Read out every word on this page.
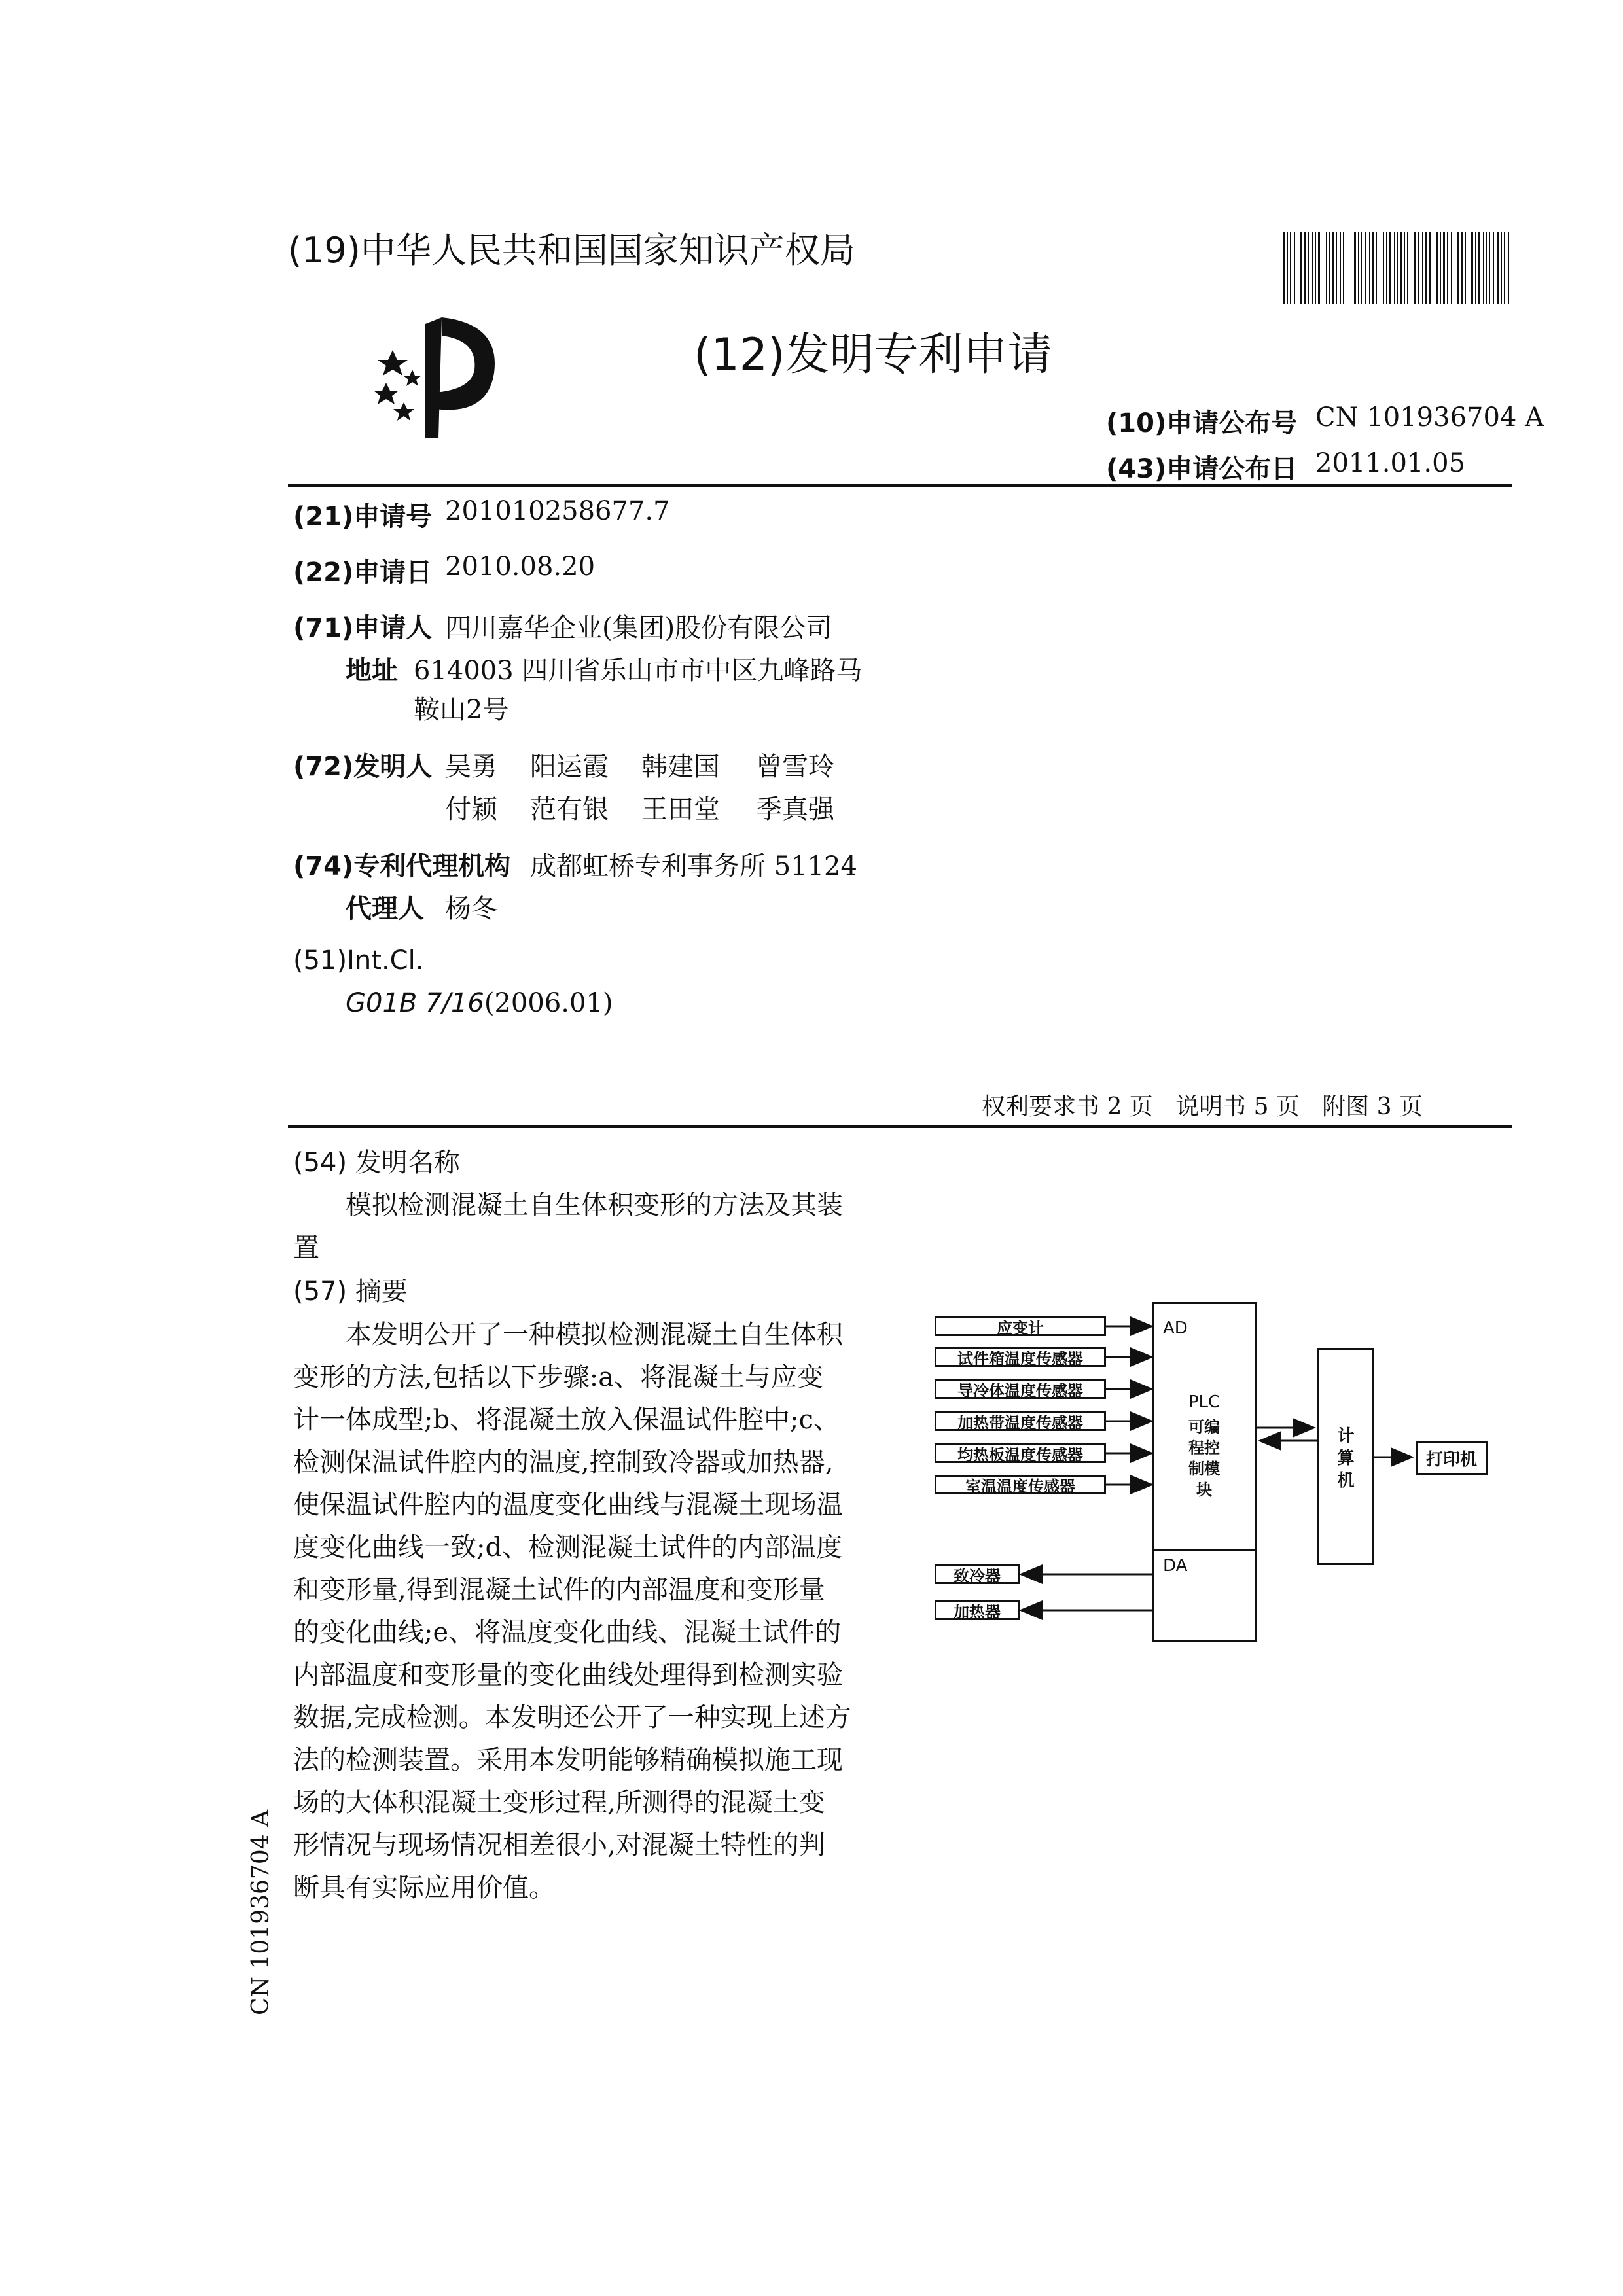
(19)中华人民共和国国家知识产权局
(12)发明专利申请
(10)申请公布号 CN 101936704 A
(43)申请公布日 2011.01.05
(21)申请号 201010258677.7
(22)申请日 2010.08.20
(71)申请人 四川嘉华企业(集团)股份有限公司
地址 614003 四川省乐山市市中区九峰路马
鞍山2号
(72)发明人 吴勇 阳运霞 韩建国 曾雪玲
付颖 范有银 王田堂 季真强
(74)专利代理机构 成都虹桥专利事务所 51124
代理人 杨冬
(51)Int.Cl.
G01B 7/16(2006.01)
权利要求书 2 页   说明书 5 页   附图 3 页
(54) 发明名称
模拟检测混凝土自生体积变形的方法及其装
置
(57) 摘要
本发明公开了一种模拟检测混凝土自生体积
变形的方法,包括以下步骤:a、将混凝土与应变
计一体成型;b、将混凝土放入保温试件腔中;c、
检测保温试件腔内的温度,控制致冷器或加热器,
使保温试件腔内的温度变化曲线与混凝土现场温
度变化曲线一致;d、检测混凝土试件的内部温度
和变形量,得到混凝土试件的内部温度和变形量
的变化曲线;e、将温度变化曲线、混凝土试件的
内部温度和变形量的变化曲线处理得到检测实验
数据,完成检测。本发明还公开了一种实现上述方
法的检测装置。采用本发明能够精确模拟施工现
场的大体积混凝土变形过程,所测得的混凝土变
形情况与现场情况相差很小,对混凝土特性的判
断具有实际应用价值。
CN 101936704 A
应变计
试件箱温度传感器
导冷体温度传感器
加热带温度传感器
均热板温度传感器
室温温度传感器
致冷器
加热器
AD
PLC
可编
程控
制模
块
DA
计
算
机
打印机
